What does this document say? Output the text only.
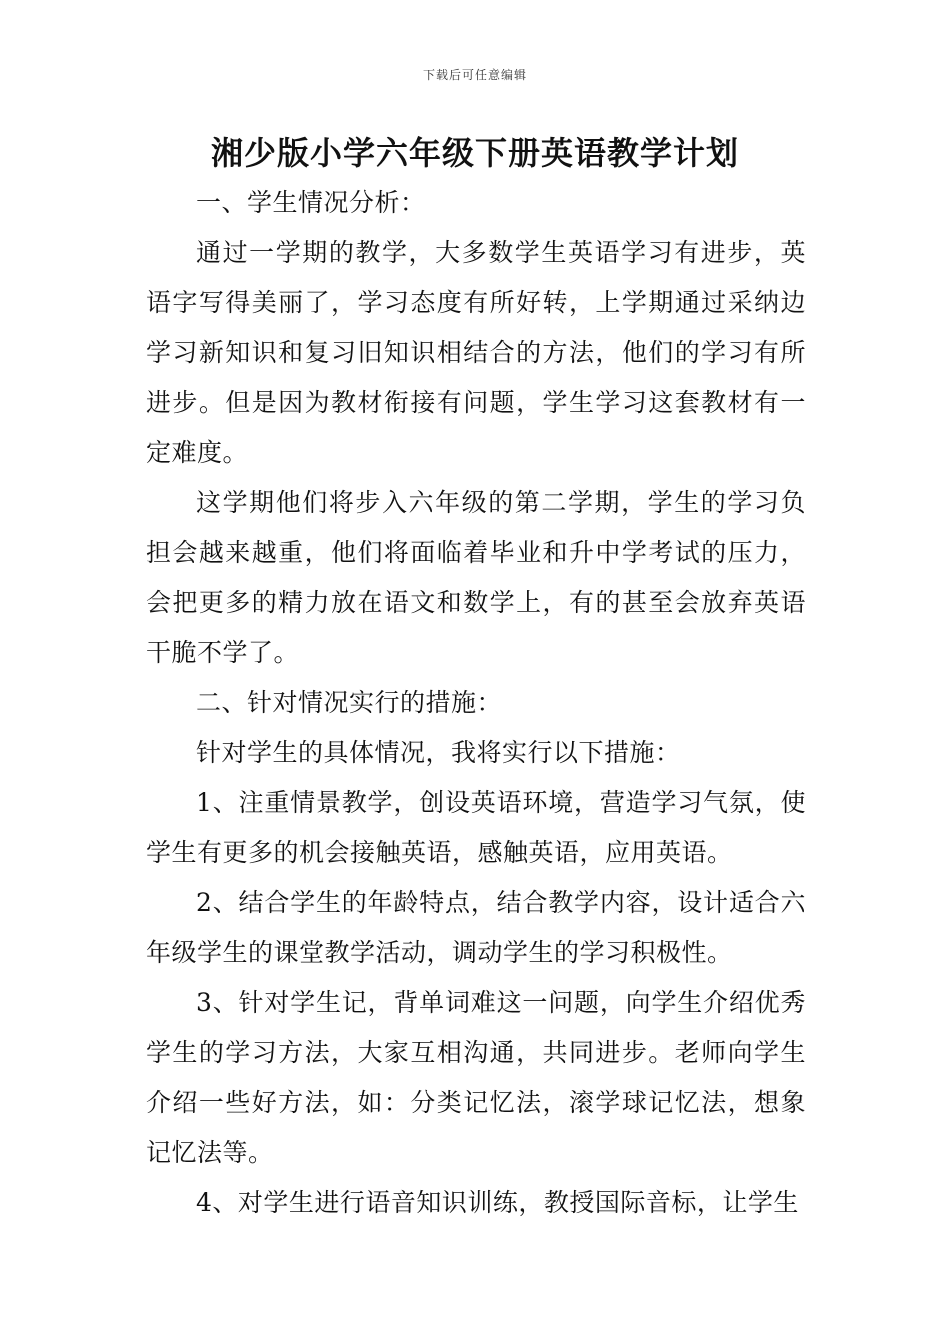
下载后可任意编辑
湘少版小学六年级下册英语教学计划

一、学生情况分析：

通过一学期的教学，大多数学生英语学习有进步，英语字写得美丽了，学习态度有所好转，上学期通过采纳边学习新知识和复习旧知识相结合的方法，他们的学习有所进步。但是因为教材衔接有问题，学生学习这套教材有一定难度。

这学期他们将步入六年级的第二学期，学生的学习负担会越来越重，他们将面临着毕业和升中学考试的压力，会把更多的精力放在语文和数学上，有的甚至会放弃英语干脆不学了。

二、针对情况实行的措施：

针对学生的具体情况，我将实行以下措施：

1、注重情景教学，创设英语环境，营造学习气氛，使学生有更多的机会接触英语，感触英语，应用英语。

2、结合学生的年龄特点，结合教学内容，设计适合六年级学生的课堂教学活动，调动学生的学习积极性。

3、针对学生记，背单词难这一问题，向学生介绍优秀学生的学习方法，大家互相沟通，共同进步。老师向学生介绍一些好方法，如：分类记忆法，滚学球记忆法，想象记忆法等。

4、对学生进行语音知识训练，教授国际音标，让学生
